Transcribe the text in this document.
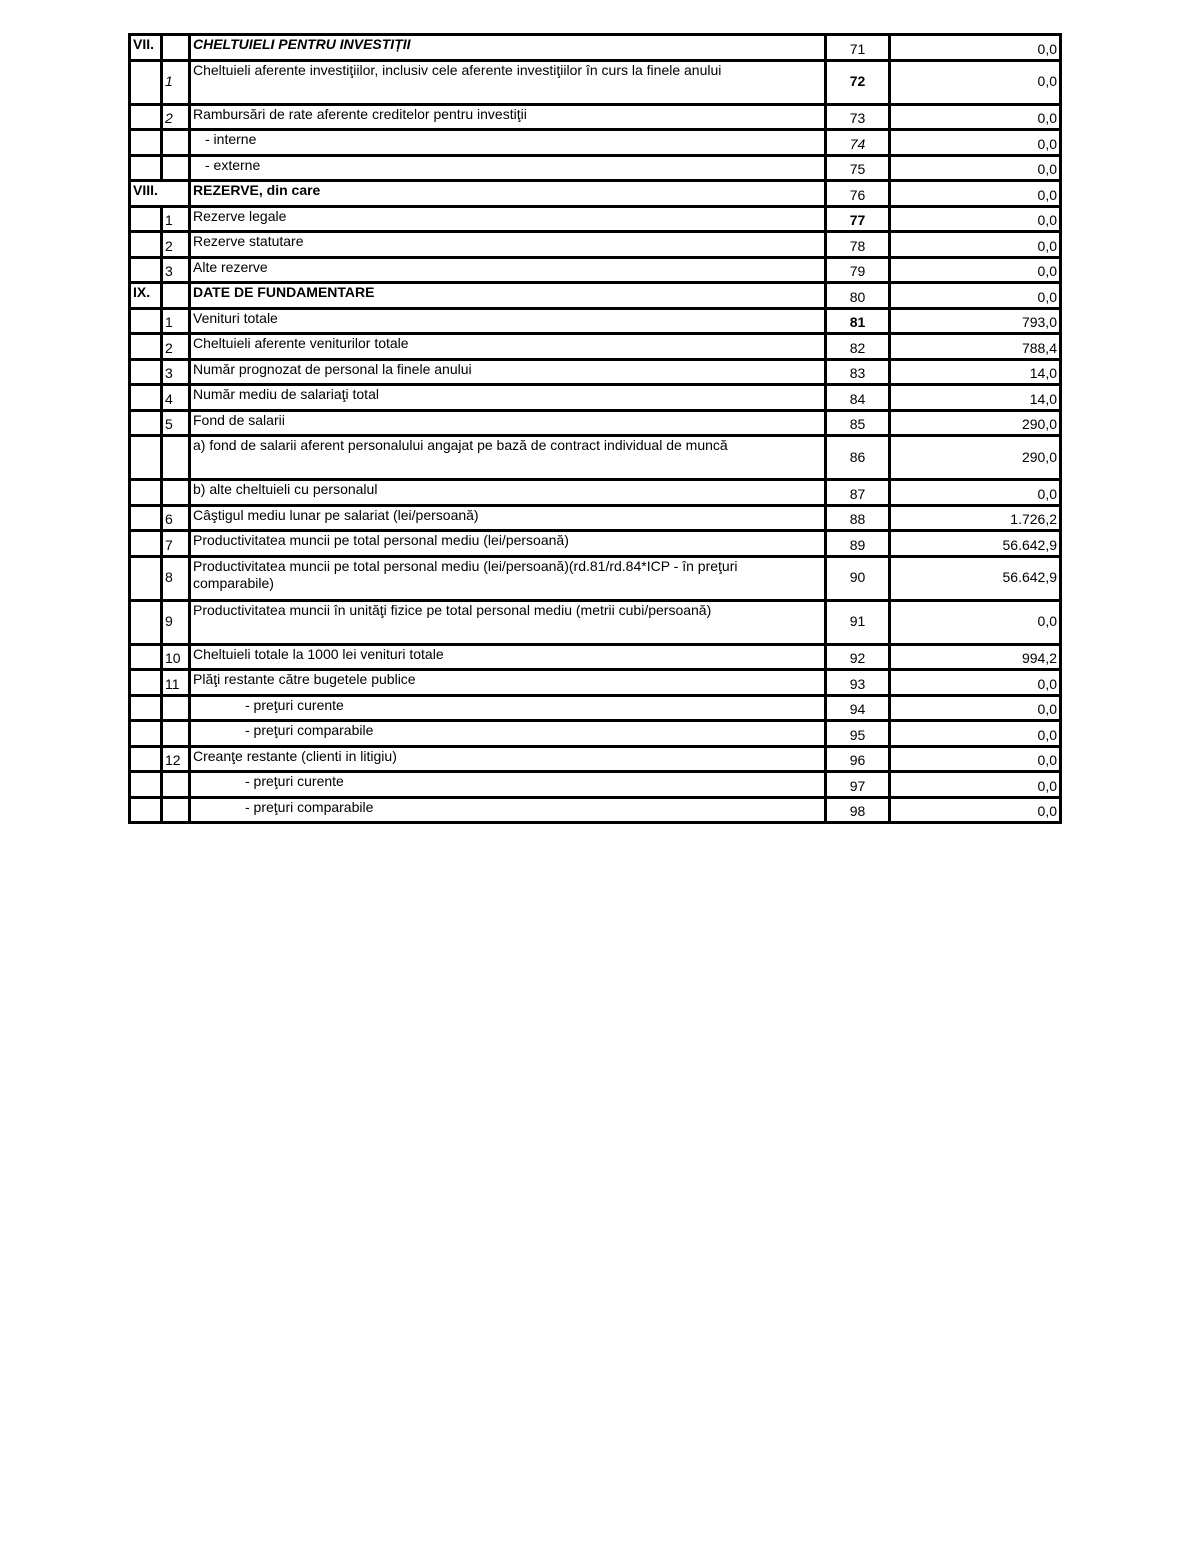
VII.		CHELTUIELI PENTRU INVESTIȚII	71	0,0
	1	Cheltuieli aferente investiţiilor, inclusiv cele aferente investiţiilor în curs la finele anului	72	0,0
	2	Rambursări de rate aferente creditelor pentru investiţii	73	0,0
		- interne	74	0,0
		- externe	75	0,0
VIII.		REZERVE, din care	76	0,0
	1	Rezerve legale	77	0,0
	2	Rezerve statutare	78	0,0
	3	Alte rezerve	79	0,0
IX.		DATE DE FUNDAMENTARE	80	0,0
	1	Venituri totale	81	793,0
	2	Cheltuieli aferente veniturilor totale	82	788,4
	3	Număr prognozat de personal la finele anului	83	14,0
	4	Număr mediu de salariaţi total	84	14,0
	5	Fond de salarii	85	290,0
		a) fond de salarii aferent personalului angajat pe bază de contract individual de muncă	86	290,0
		b) alte cheltuieli cu personalul	87	0,0
	6	Câştigul mediu lunar pe salariat (lei/persoană)	88	1.726,2
	7	Productivitatea muncii pe total personal mediu (lei/persoană)	89	56.642,9
	8	Productivitatea muncii pe total personal mediu (lei/persoană)(rd.81/rd.84*ICP - în preţuri comparabile)	90	56.642,9
	9	Productivitatea muncii în unităţi fizice pe total personal mediu (metrii cubi/persoană)	91	0,0
	10	Cheltuieli totale la 1000 lei venituri totale	92	994,2
	11	Plăţi restante către bugetele publice	93	0,0
		- preţuri curente	94	0,0
		- preţuri comparabile	95	0,0
	12	Creanţe restante (clienti in litigiu)	96	0,0
		- preţuri curente	97	0,0
		- preţuri comparabile	98	0,0
